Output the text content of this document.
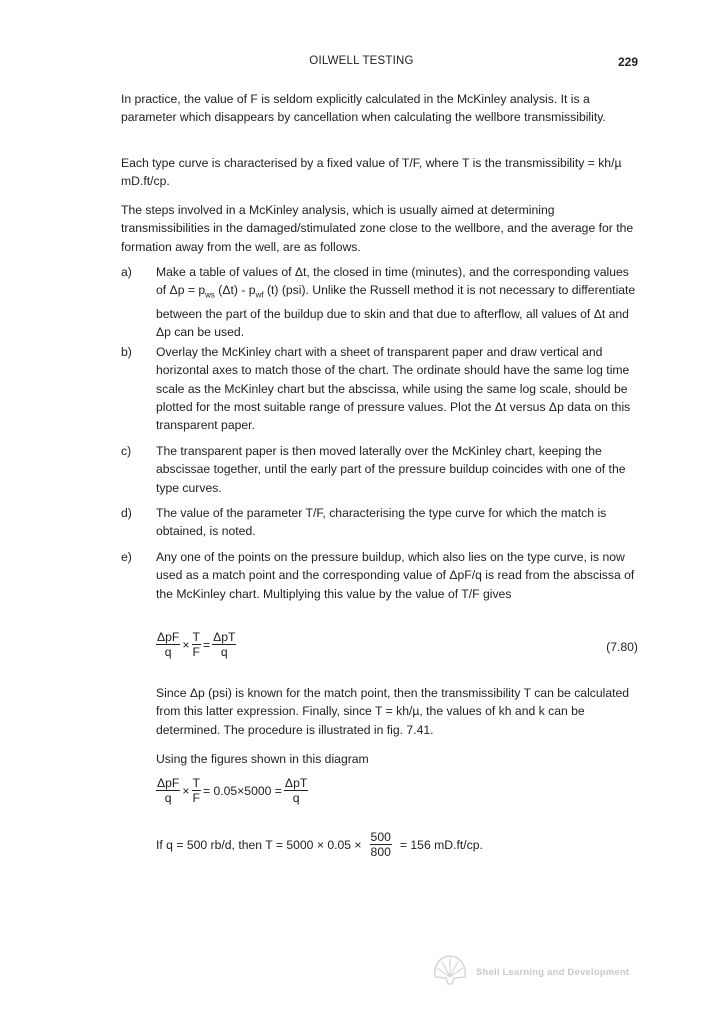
OILWELL TESTING	229

In practice, the value of F is seldom explicitly calculated in the McKinley analysis. It is a parameter which disappears by cancellation when calculating the wellbore transmissibility.

Each type curve is characterised by a fixed value of T/F, where T is the transmissibility = kh/µ mD.ft/cp.

The steps involved in a McKinley analysis, which is usually aimed at determining transmissibilities in the damaged/stimulated zone close to the wellbore, and the average for the formation away from the well, are as follows.

a)	Make a table of values of Δt, the closed in time (minutes), and the corresponding values of $\Delta p = p_{ws}$ $(\Delta t) - p_{wf}$ (t) (psi). Unlike the Russell method it is not necessary to differentiate between the part of the buildup due to skin and that due to afterflow, all values of Δt and Δp can be used.
b)	Overlay the McKinley chart with a sheet of transparent paper and draw vertical and horizontal axes to match those of the chart. The ordinate should have the same log time scale as the McKinley chart but the abscissa, while using the same log scale, should be plotted for the most suitable range of pressure values. Plot the Δt versus Δp data on this transparent paper.
c)	The transparent paper is then moved laterally over the McKinley chart, keeping the abscissae together, until the early part of the pressure buildup coincides with one of the type curves.
d)	The value of the parameter T/F, characterising the type curve for which the match is obtained, is noted.
e)	Any one of the points on the pressure buildup, which also lies on the type curve, is now used as a match point and the corresponding value of ΔpF/q is read from the abscissa of the McKinley chart. Multiplying this value by the value of T/F gives
$\frac{\text{ΔpF}}{q} \times \frac{T}{F} = \frac{\text{ΔpT}}{q}$	(7.80)

Since Δp (psi) is known for the match point, then the transmissibility T can be calculated from this latter expression. Finally, since T = kh/µ, the values of kh and k can be determined. The procedure is illustrated in fig. 7.41.

Using the figures shown in this diagram

$\frac{\text{ΔpF}}{q} \times \frac{T}{F} = 0.05\times 5000 = \frac{\text{ΔpT}}{q}$
If q = 500 rb/d, then $T = 5000 \times 0.05 \times \frac{500}{800} = 156$ mD.ft/cp.
Shell Learning and Development
